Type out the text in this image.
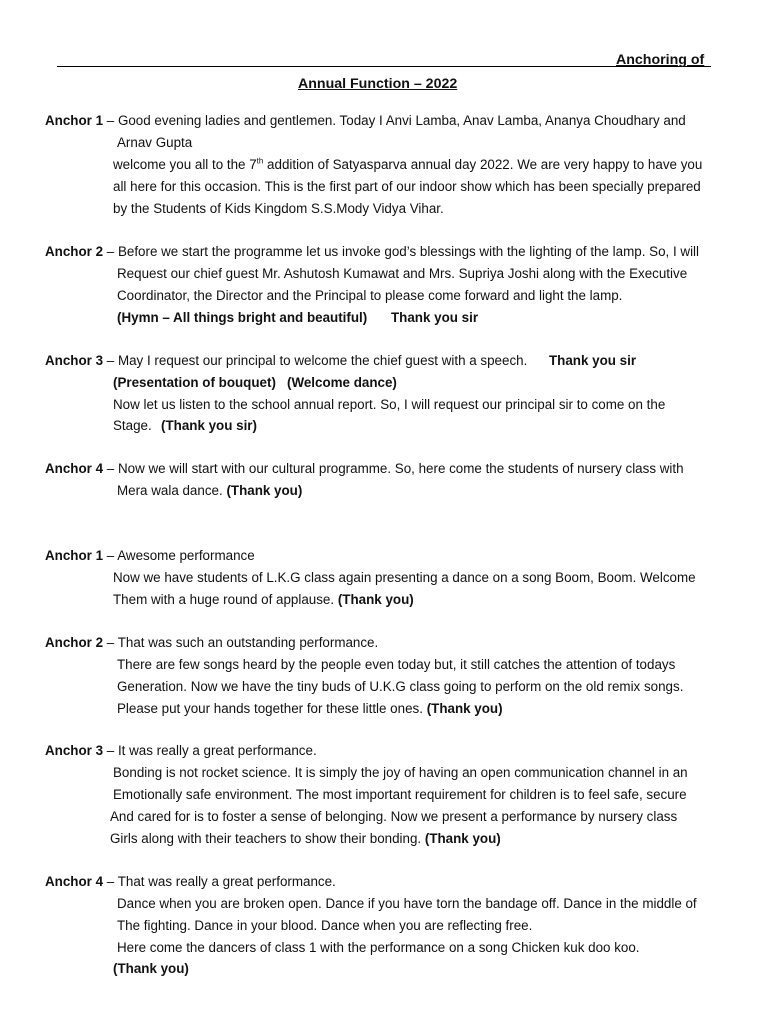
Anchoring of
Annual Function – 2022
Anchor 1 – Good evening ladies and gentlemen. Today I Anvi Lamba, Anav Lamba, Ananya Choudhary and
Arnav Gupta
welcome you all to the 7th addition of Satyasparva annual day 2022. We are very happy to have you
all here for this occasion. This is the first part of our indoor show which has been specially prepared
by the Students of Kids Kingdom S.S.Mody Vidya Vihar.
Anchor 2 – Before we start the programme let us invoke god’s blessings with the lighting of the lamp. So, I will
Request our chief guest Mr. Ashutosh Kumawat and Mrs. Supriya Joshi along with the Executive
Coordinator, the Director and the Principal to please come forward and light the lamp.
(Hymn – All things bright and beautiful) Thank you sir
Anchor 3 – May I request our principal to welcome the chief guest with a speech. Thank you sir
(Presentation of bouquet) (Welcome dance)
Now let us listen to the school annual report. So, I will request our principal sir to come on the
Stage. (Thank you sir)
Anchor 4 – Now we will start with our cultural programme. So, here come the students of nursery class with
Mera wala dance. (Thank you)
Anchor 1 – Awesome performance
Now we have students of L.K.G class again presenting a dance on a song Boom, Boom. Welcome
Them with a huge round of applause. (Thank you)
Anchor 2 – That was such an outstanding performance.
There are few songs heard by the people even today but, it still catches the attention of todays
Generation. Now we have the tiny buds of U.K.G class going to perform on the old remix songs.
Please put your hands together for these little ones. (Thank you)
Anchor 3 – It was really a great performance.
Bonding is not rocket science. It is simply the joy of having an open communication channel in an
Emotionally safe environment. The most important requirement for children is to feel safe, secure
And cared for is to foster a sense of belonging. Now we present a performance by nursery class
Girls along with their teachers to show their bonding. (Thank you)
Anchor 4 – That was really a great performance.
Dance when you are broken open. Dance if you have torn the bandage off. Dance in the middle of
The fighting. Dance in your blood. Dance when you are reflecting free.
Here come the dancers of class 1 with the performance on a song Chicken kuk doo koo.
(Thank you)
